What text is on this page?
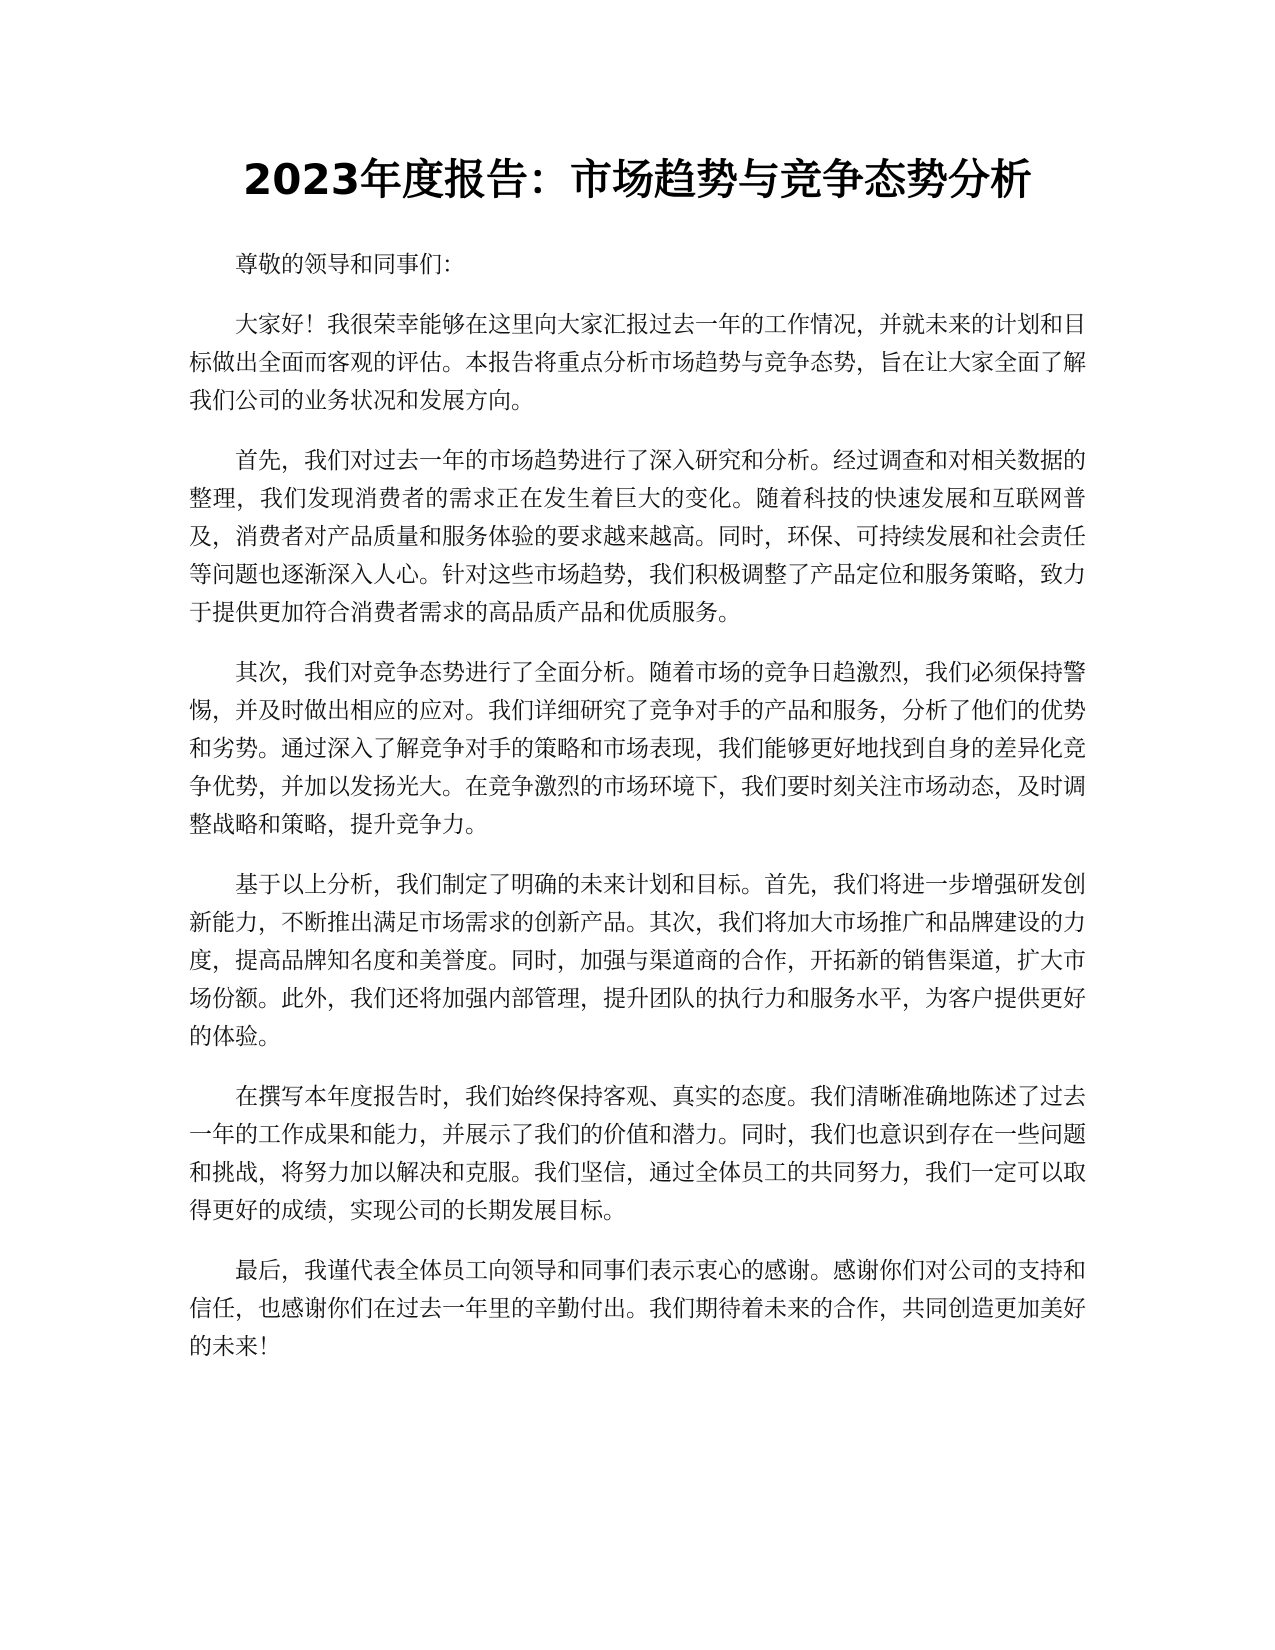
2023年度报告：市场趋势与竞争态势分析

尊敬的领导和同事们：

大家好！我很荣幸能够在这里向大家汇报过去一年的工作情况，并就未来的计划和目标做出全面而客观的评估。本报告将重点分析市场趋势与竞争态势，旨在让大家全面了解我们公司的业务状况和发展方向。

首先，我们对过去一年的市场趋势进行了深入研究和分析。经过调查和对相关数据的整理，我们发现消费者的需求正在发生着巨大的变化。随着科技的快速发展和互联网普及，消费者对产品质量和服务体验的要求越来越高。同时，环保、可持续发展和社会责任等问题也逐渐深入人心。针对这些市场趋势，我们积极调整了产品定位和服务策略，致力于提供更加符合消费者需求的高品质产品和优质服务。

其次，我们对竞争态势进行了全面分析。随着市场的竞争日趋激烈，我们必须保持警惕，并及时做出相应的应对。我们详细研究了竞争对手的产品和服务，分析了他们的优势和劣势。通过深入了解竞争对手的策略和市场表现，我们能够更好地找到自身的差异化竞争优势，并加以发扬光大。在竞争激烈的市场环境下，我们要时刻关注市场动态，及时调整战略和策略，提升竞争力。

基于以上分析，我们制定了明确的未来计划和目标。首先，我们将进一步增强研发创新能力，不断推出满足市场需求的创新产品。其次，我们将加大市场推广和品牌建设的力度，提高品牌知名度和美誉度。同时，加强与渠道商的合作，开拓新的销售渠道，扩大市场份额。此外，我们还将加强内部管理，提升团队的执行力和服务水平，为客户提供更好的体验。

在撰写本年度报告时，我们始终保持客观、真实的态度。我们清晰准确地陈述了过去一年的工作成果和能力，并展示了我们的价值和潜力。同时，我们也意识到存在一些问题和挑战，将努力加以解决和克服。我们坚信，通过全体员工的共同努力，我们一定可以取得更好的成绩，实现公司的长期发展目标。

最后，我谨代表全体员工向领导和同事们表示衷心的感谢。感谢你们对公司的支持和信任，也感谢你们在过去一年里的辛勤付出。我们期待着未来的合作，共同创造更加美好的未来！
